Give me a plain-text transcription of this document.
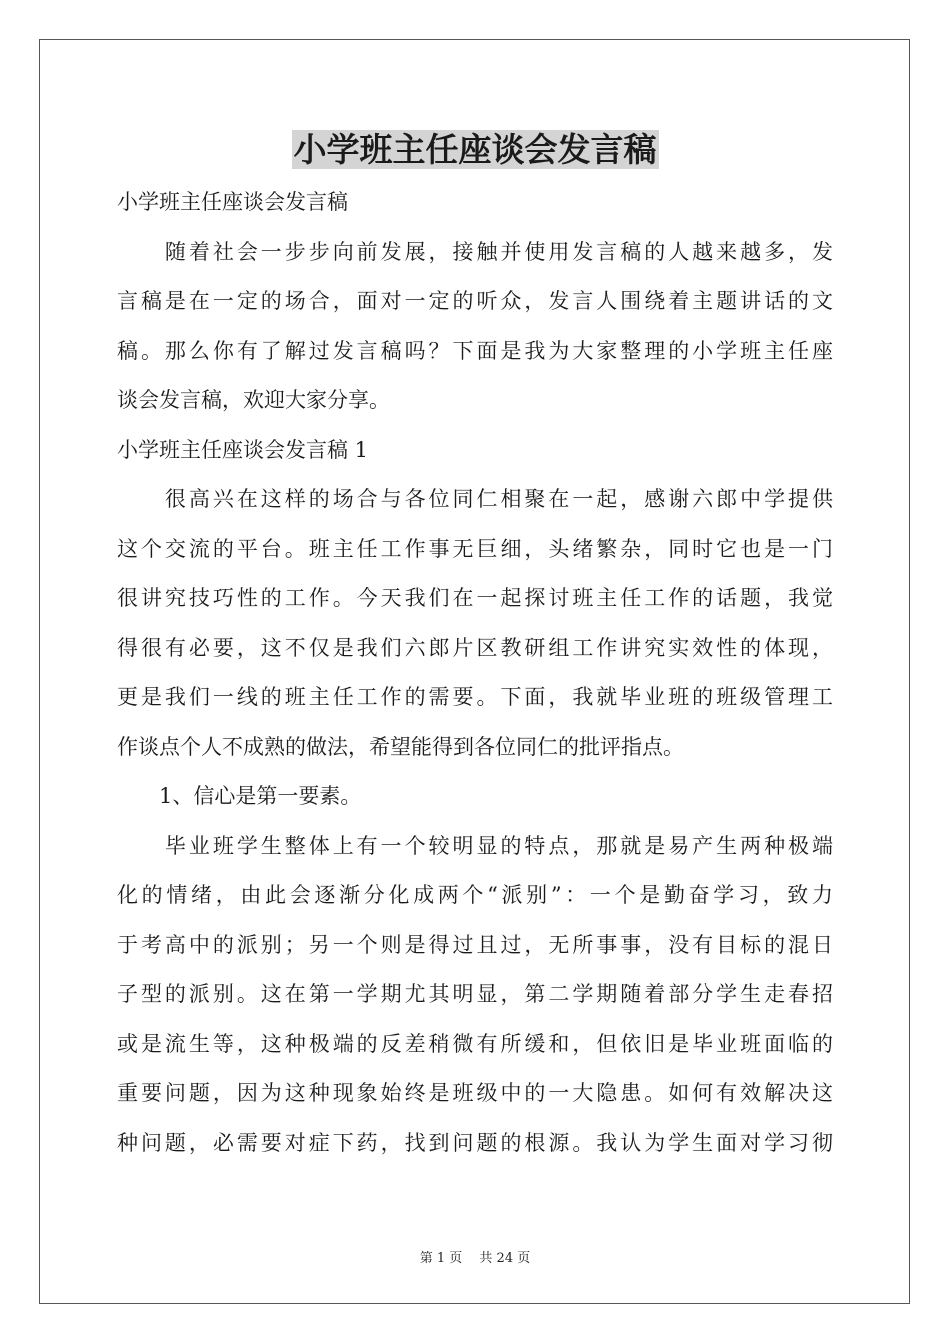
小学班主任座谈会发言稿

小学班主任座谈会发言稿

　　随着社会一步步向前发展，接触并使用发言稿的人越来越多，发

言稿是在一定的场合，面对一定的听众，发言人围绕着主题讲话的文

稿。那么你有了解过发言稿吗？下面是我为大家整理的小学班主任座

谈会发言稿，欢迎大家分享。

小学班主任座谈会发言稿 1

　　很高兴在这样的场合与各位同仁相聚在一起，感谢六郎中学提供

这个交流的平台。班主任工作事无巨细，头绪繁杂，同时它也是一门

很讲究技巧性的工作。今天我们在一起探讨班主任工作的话题，我觉

得很有必要，这不仅是我们六郎片区教研组工作讲究实效性的体现，

更是我们一线的班主任工作的需要。下面，我就毕业班的班级管理工

作谈点个人不成熟的做法，希望能得到各位同仁的批评指点。

　　1、信心是第一要素。

　　毕业班学生整体上有一个较明显的特点，那就是易产生两种极端

化的情绪，由此会逐渐分化成两个“派别”：一个是勤奋学习，致力

于考高中的派别；另一个则是得过且过，无所事事，没有目标的混日

子型的派别。这在第一学期尤其明显，第二学期随着部分学生走春招

或是流生等，这种极端的反差稍微有所缓和，但依旧是毕业班面临的

重要问题，因为这种现象始终是班级中的一大隐患。如何有效解决这

种问题，必需要对症下药，找到问题的根源。我认为学生面对学习彻

第 1 页　 共 24 页
